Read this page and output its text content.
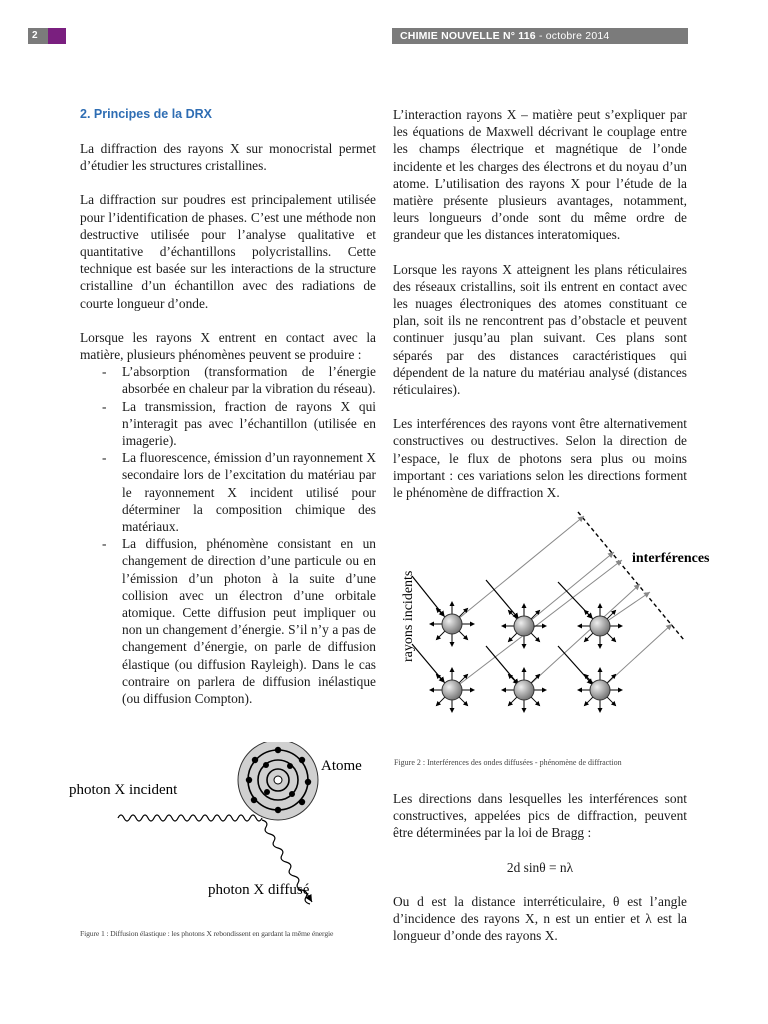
2	CHIMIE NOUVELLE N° 116 - octobre 2014
2. Principes de la DRX

La diffraction des rayons X sur monocristal permet d’étudier les structures cristallines.

La diffraction sur poudres est principalement utilisée pour l’identification de phases. C’est une méthode non destructive utilisée pour l’analyse qualitative et quantitative d’échantillons polycristallins. Cette technique est basée sur les interactions de la structure cristalline d’un échantillon avec des radiations de courte longueur d’onde.

Lorsque les rayons X entrent en contact avec la matière, plusieurs phénomènes peuvent se produire :

- L’absorption (transformation de l’énergie absorbée en chaleur par la vibration du réseau).
- La transmission, fraction de rayons X qui n’interagit pas avec l’échantillon (utilisée en imagerie).
- La fluorescence, émission d’un rayonnement X secondaire lors de l’excitation du matériau par le rayonnement X incident utilisé pour déterminer la composition chimique des matériaux.
- La diffusion, phénomène consistant en un changement de direction d’une particule ou en l’émission d’un photon à la suite d’une collision avec un électron d’une orbitale atomique. Cette diffusion peut impliquer ou non un changement d’énergie. S’il n’y a pas de changement d’énergie, on parle de diffusion élastique (ou diffusion Rayleigh). Dans le cas contraire on parlera de diffusion inélastique (ou diffusion Compton).

L’interaction rayons X – matière peut s’expliquer par les équations de Maxwell décrivant le couplage entre les champs électrique et magnétique de l’onde incidente et les charges des électrons et du noyau d’un atome. L’utilisation des rayons X pour l’étude de la matière présente plusieurs avantages, notamment, leurs longueurs d’onde sont du même ordre de grandeur que les distances interatomiques.

Lorsque les rayons X atteignent les plans réticulaires des réseaux cristallins, soit ils entrent en contact avec les nuages électroniques des atomes constituant ce plan, soit ils ne rencontrent pas d’obstacle et peuvent continuer jusqu’au plan suivant. Ces plans sont séparés par des distances caractéristiques qui dépendent de la nature du matériau analysé (distances réticulaires).

Les interférences des rayons vont être alternativement constructives ou destructives. Selon la direction de l’espace, le flux de photons sera plus ou moins important : ces variations selon les directions forment le phénomène de diffraction X.

Les directions dans lesquelles les interférences sont constructives, appelées pics de diffraction, peuvent être déterminées par la loi de Bragg :

2d sinθ = nλ

Ou d est la distance interréticulaire, θ est l’angle d’incidence des rayons X, n est un entier et λ est la longueur d’onde des rayons X.

Atome
photon X incident
photon X diffusé
Figure 1 : Diffusion élastique : les photons X rebondissent en gardant la même énergie
interférences
rayons incidents
Figure 2 : Interférences des ondes diffusées - phénomène de diffraction
